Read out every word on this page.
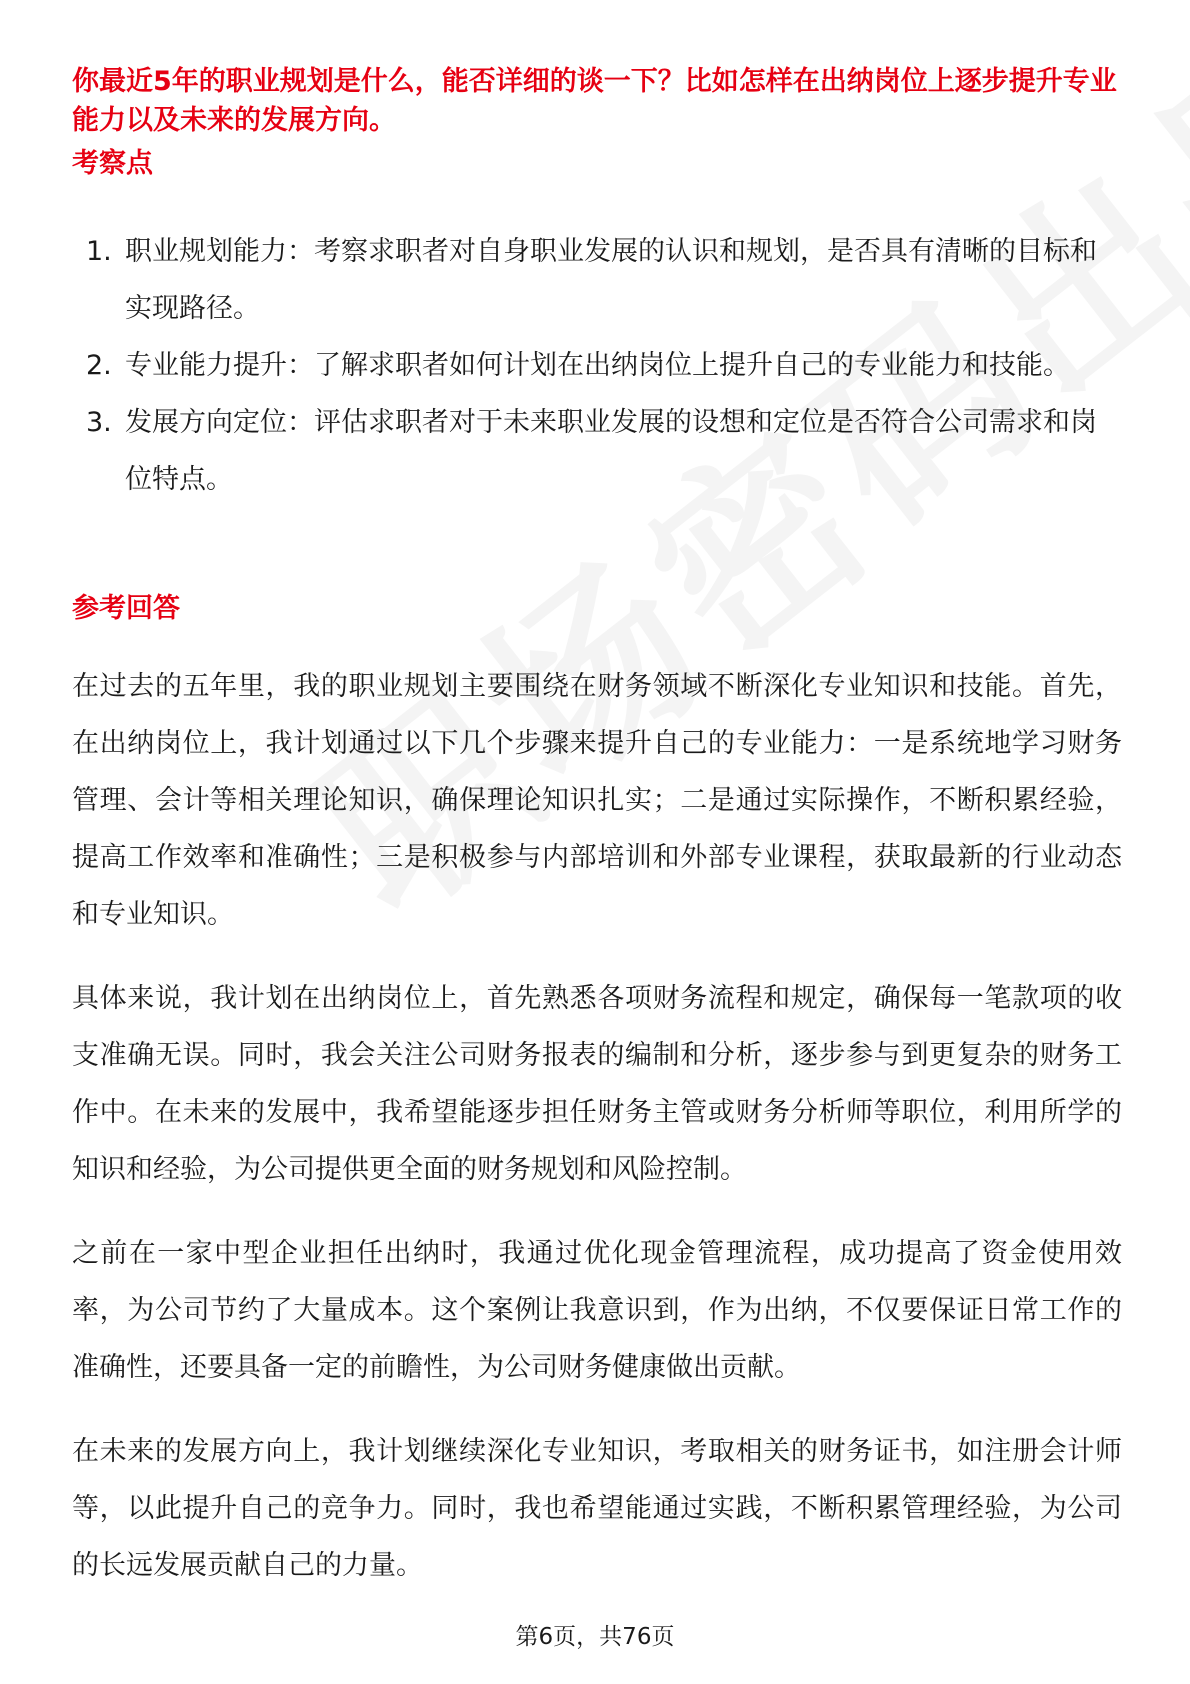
你最近5年的职业规划是什么，能否详细的谈一下？比如怎样在出纳岗位上逐步提升专业能力以及未来的发展方向。
考察点
1. 职业规划能力：考察求职者对自身职业发展的认识和规划，是否具有清晰的目标和实现路径。
2. 专业能力提升：了解求职者如何计划在出纳岗位上提升自己的专业能力和技能。
3. 发展方向定位：评估求职者对于未来职业发展的设想和定位是否符合公司需求和岗位特点。
参考回答

在过去的五年里，我的职业规划主要围绕在财务领域不断深化专业知识和技能。首先，在出纳岗位上，我计划通过以下几个步骤来提升自己的专业能力：一是系统地学习财务管理、会计等相关理论知识，确保理论知识扎实；二是通过实际操作，不断积累经验，提高工作效率和准确性；三是积极参与内部培训和外部专业课程，获取最新的行业动态和专业知识。

具体来说，我计划在出纳岗位上，首先熟悉各项财务流程和规定，确保每一笔款项的收支准确无误。同时，我会关注公司财务报表的编制和分析，逐步参与到更复杂的财务工作中。在未来的发展中，我希望能逐步担任财务主管或财务分析师等职位，利用所学的知识和经验，为公司提供更全面的财务规划和风险控制。

之前在一家中型企业担任出纳时，我通过优化现金管理流程，成功提高了资金使用效率，为公司节约了大量成本。这个案例让我意识到，作为出纳，不仅要保证日常工作的准确性，还要具备一定的前瞻性，为公司财务健康做出贡献。

在未来的发展方向上，我计划继续深化专业知识，考取相关的财务证书，如注册会计师等，以此提升自己的竞争力。同时，我也希望能通过实践，不断积累管理经验，为公司的长远发展贡献自己的力量。

第6页，共76页
